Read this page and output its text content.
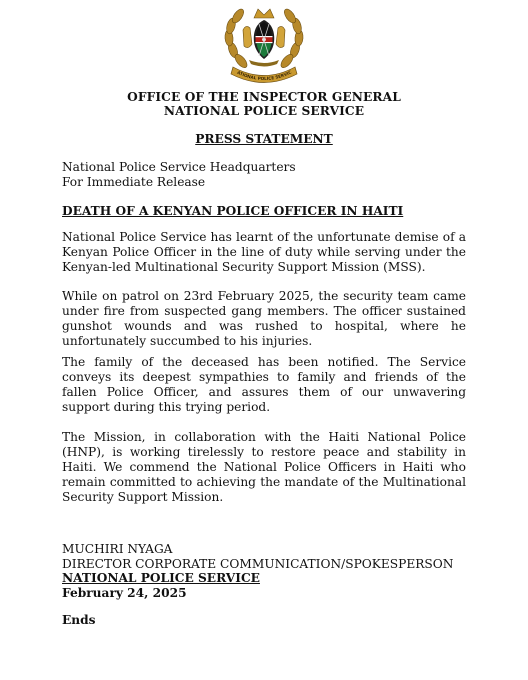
ATIONAL POLICE SERVIC
OFFICE OF THE INSPECTOR GENERAL
NATIONAL POLICE SERVICE
PRESS STATEMENT
National Police Service Headquarters
For Immediate Release
DEATH OF A KENYAN POLICE OFFICER IN HAITI
National Police Service has learnt of the unfortunate demise of a Kenyan Police Officer in the line of duty while serving under the Kenyan-led Multinational Security Support Mission (MSS).
While on patrol on 23rd February 2025, the security team came under fire from suspected gang members. The officer sustained gunshot wounds and was rushed to hospital, where he unfortunately succumbed to his injuries.
The family of the deceased has been notified. The Service conveys its deepest sympathies to family and friends of the fallen Police Officer, and assures them of our unwavering support during this trying period.
The Mission, in collaboration with the Haiti National Police (HNP), is working tirelessly to restore peace and stability in Haiti. We commend the National Police Officers in Haiti who remain committed to achieving the mandate of the Multinational Security Support Mission.
MUCHIRI NYAGA
DIRECTOR CORPORATE COMMUNICATION/SPOKESPERSON
NATIONAL POLICE SERVICE
February 24, 2025
Ends
